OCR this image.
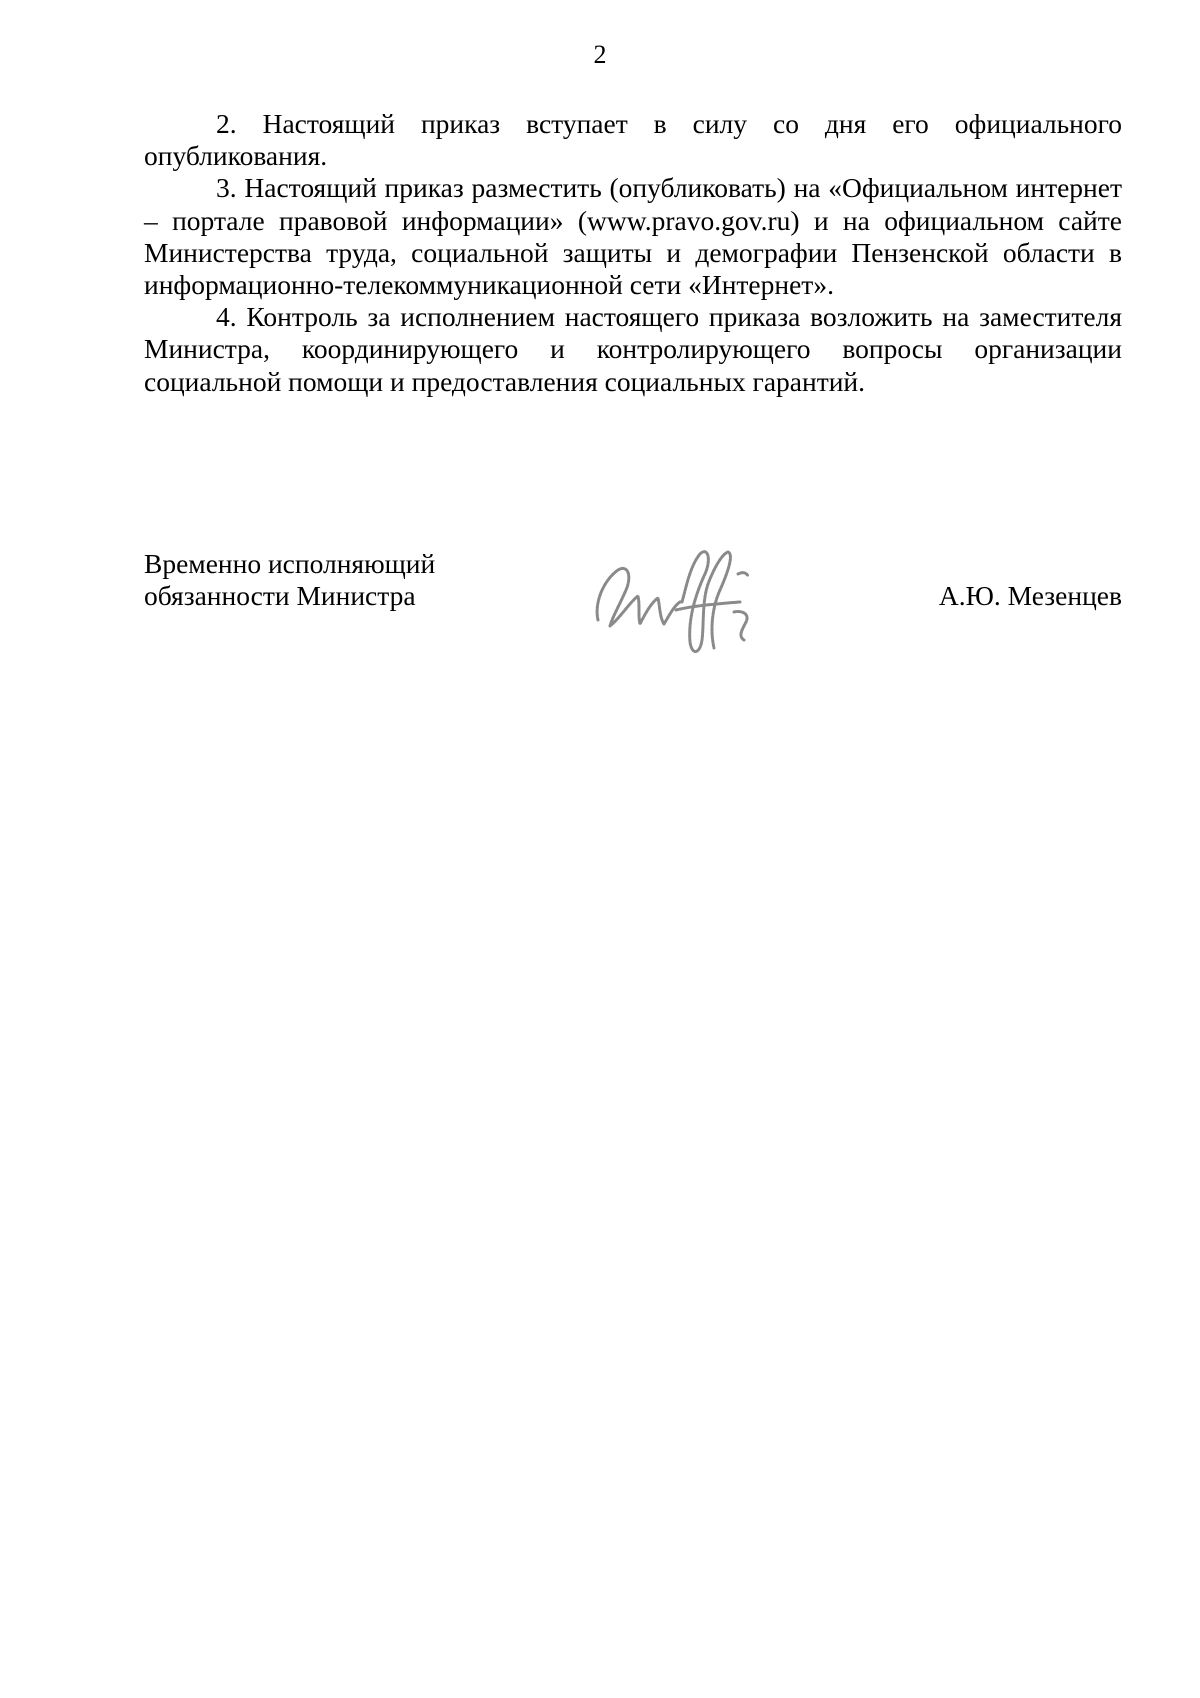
2

2. Настоящий приказ вступает в силу со дня его официального опубликования.

3. Настоящий приказ разместить (опубликовать) на «Официальном интернет – портале правовой информации» (www.pravo.gov.ru) и на официальном сайте Министерства труда, социальной защиты и демографии Пензенской области в информационно-телекоммуникационной сети «Интернет».

4. Контроль за исполнением настоящего приказа возложить на заместителя Министра, координирующего и контролирующего вопросы организации социальной помощи и предоставления социальных гарантий.

Временно исполняющий
обязанности Министра	А.Ю. Мезенцев
